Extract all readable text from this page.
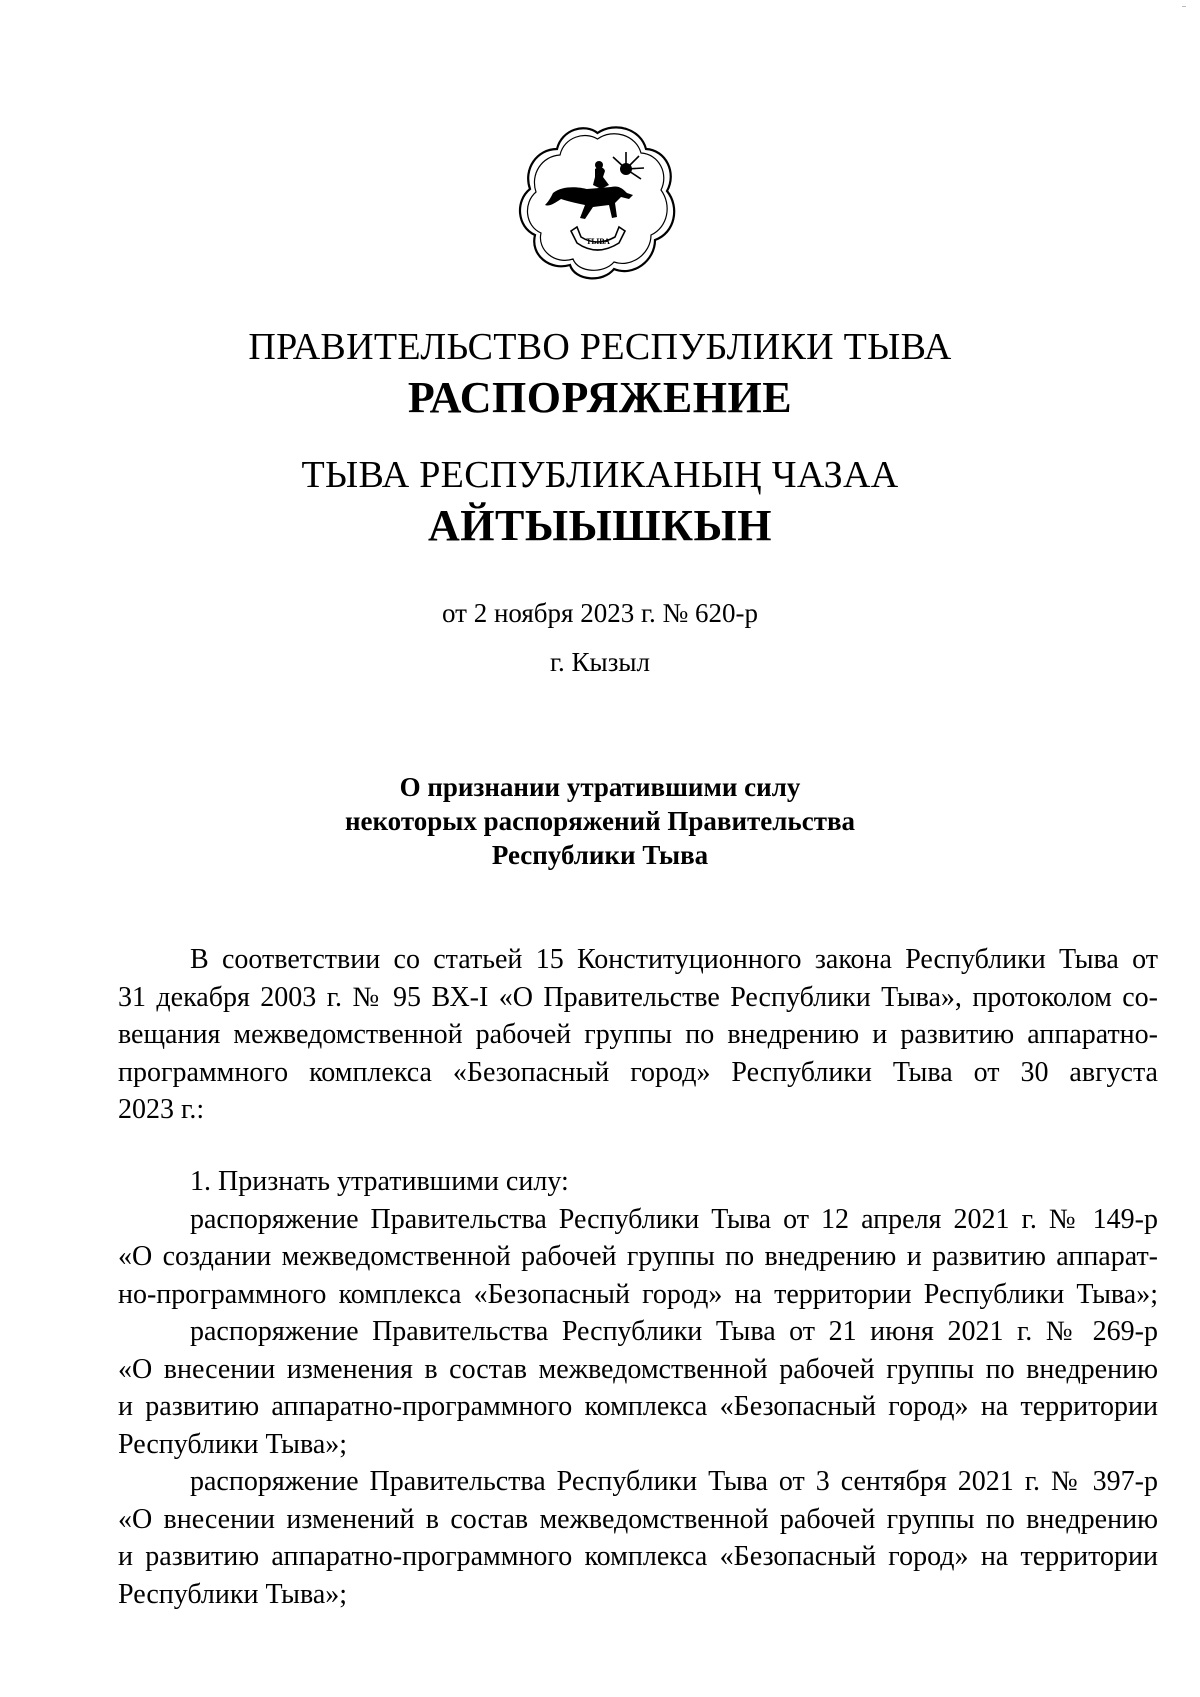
ТЫВА
ПРАВИТЕЛЬСТВО РЕСПУБЛИКИ ТЫВА
РАСПОРЯЖЕНИЕ
ТЫВА РЕСПУБЛИКАНЫҢ ЧАЗАА
АЙТЫЫШКЫН
от 2 ноября 2023 г. № 620-р
г. Кызыл
О признании утратившими силу
некоторых распоряжений Правительства
Республики Тыва
В соответствии со статьей 15 Конституционного закона Республики Тыва от
31 декабря 2003 г. № 95 ВХ-I «О Правительстве Республики Тыва», протоколом со-
вещания межведомственной рабочей группы по внедрению и развитию аппаратно-
программного комплекса «Безопасный город» Республики Тыва от 30 августа
2023 г.:
1. Признать утратившими силу:
распоряжение Правительства Республики Тыва от 12 апреля 2021 г. № 149-р
«О создании межведомственной рабочей группы по внедрению и развитию аппарат-
но-программного комплекса «Безопасный город» на территории Республики Тыва»;
распоряжение Правительства Республики Тыва от 21 июня 2021 г. № 269-р
«О внесении изменения в состав межведомственной рабочей группы по внедрению
и развитию аппаратно-программного комплекса «Безопасный город» на территории
Республики Тыва»;
распоряжение Правительства Республики Тыва от 3 сентября 2021 г. № 397-р
«О внесении изменений в состав межведомственной рабочей группы по внедрению
и развитию аппаратно-программного комплекса «Безопасный город» на территории
Республики Тыва»;
